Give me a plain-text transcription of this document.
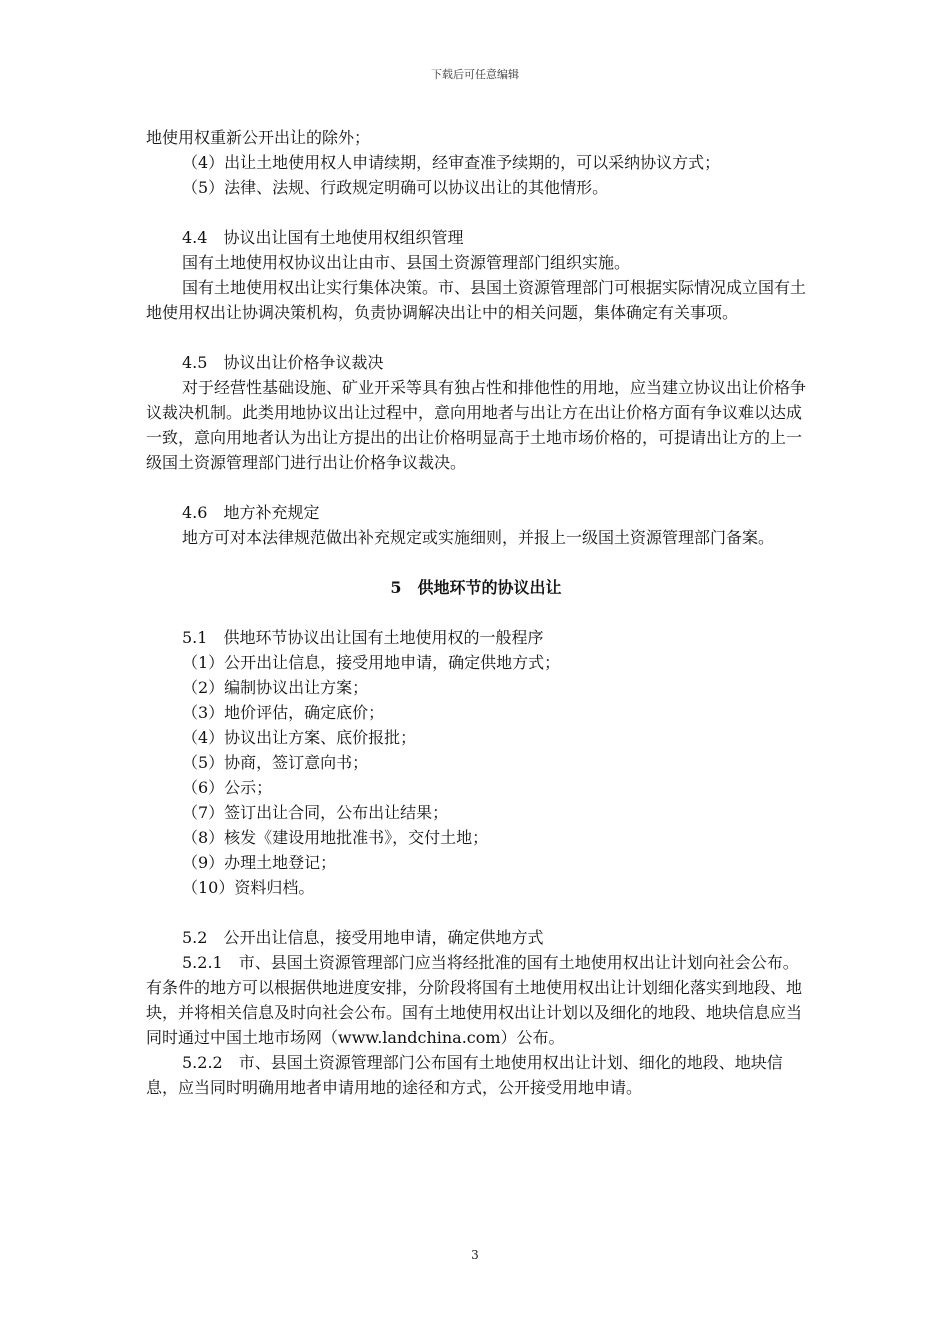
下载后可任意编辑

地使用权重新公开出让的除外；

（4）出让土地使用权人申请续期，经审查准予续期的，可以采纳协议方式；

（5）法律、法规、行政规定明确可以协议出让的其他情形。

4.4　协议出让国有土地使用权组织管理

国有土地使用权协议出让由市、县国土资源管理部门组织实施。

国有土地使用权出让实行集体决策。市、县国土资源管理部门可根据实际情况成立国有土地使用权出让协调决策机构，负责协调解决出让中的相关问题，集体确定有关事项。

4.5　协议出让价格争议裁决

对于经营性基础设施、矿业开采等具有独占性和排他性的用地，应当建立协议出让价格争议裁决机制。此类用地协议出让过程中，意向用地者与出让方在出让价格方面有争议难以达成一致，意向用地者认为出让方提出的出让价格明显高于土地市场价格的，可提请出让方的上一级国土资源管理部门进行出让价格争议裁决。

4.6　地方补充规定

地方可对本法律规范做出补充规定或实施细则，并报上一级国土资源管理部门备案。

5　供地环节的协议出让

5.1　供地环节协议出让国有土地使用权的一般程序

（1）公开出让信息，接受用地申请，确定供地方式；

（2）编制协议出让方案；

（3）地价评估，确定底价；

（4）协议出让方案、底价报批；

（5）协商，签订意向书；

（6）公示；

（7）签订出让合同，公布出让结果；

（8）核发《建设用地批准书》，交付土地；

（9）办理土地登记；

（10）资料归档。

5.2　公开出让信息，接受用地申请，确定供地方式

5.2.1　市、县国土资源管理部门应当将经批准的国有土地使用权出让计划向社会公布。有条件的地方可以根据供地进度安排，分阶段将国有土地使用权出让计划细化落实到地段、地块，并将相关信息及时向社会公布。国有土地使用权出让计划以及细化的地段、地块信息应当同时通过中国土地市场网（www.landchina.com）公布。

5.2.2　市、县国土资源管理部门公布国有土地使用权出让计划、细化的地段、地块信息，应当同时明确用地者申请用地的途径和方式，公开接受用地申请。

3
